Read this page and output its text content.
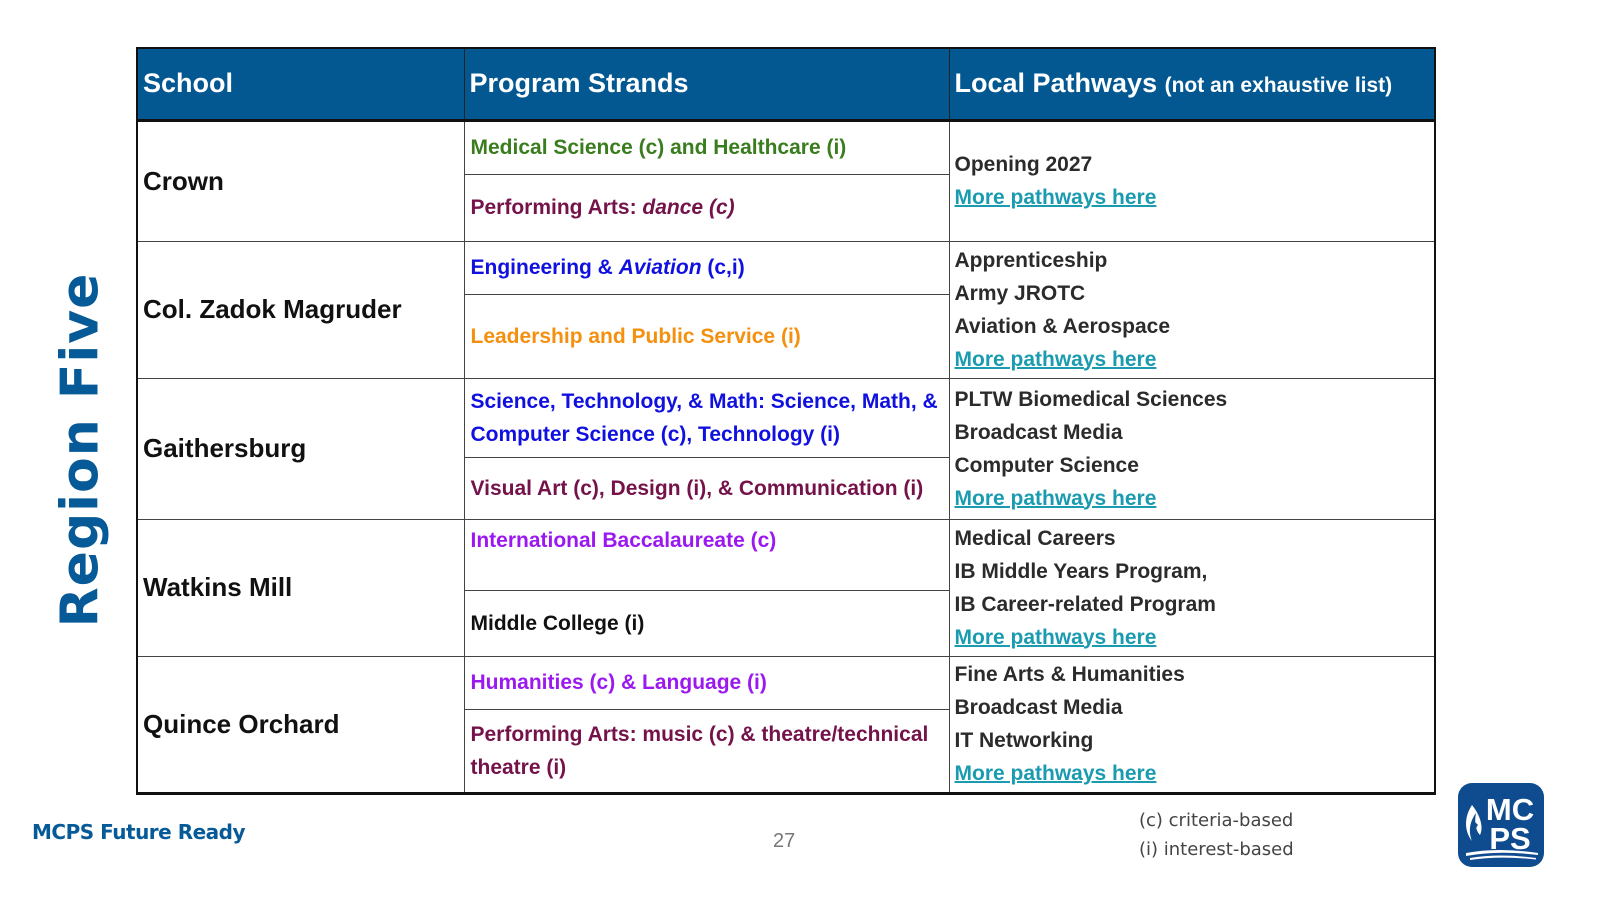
Region Five
School	Program Strands	Local Pathways (not an exhaustive list)
Crown	Medical Science (c) and Healthcare (i)	Opening 2027
More pathways here

	Performing Arts: dance (c)	
Col. Zadok Magruder	Engineering & Aviation (c,i)	Apprenticeship
Army JROTC
Aviation & Aerospace
More pathways here

	Leadership and Public Service (i)	
Gaithersburg	Science, Technology, & Math: Science, Math, & Computer Science (c), Technology (i)	PLTW Biomedical Sciences
Broadcast Media
Computer Science
More pathways here

	Visual Art (c), Design (i), & Communication (i)	
Watkins Mill	International Baccalaureate (c)	Medical Careers
IB Middle Years Program,
IB Career-related Program
More pathways here

	Middle College (i)	
Quince Orchard	Humanities (c) & Language (i)	Fine Arts & Humanities
Broadcast Media
IT Networking
More pathways here

	Performing Arts: music (c) & theatre/technical theatre (i)	
MCPS Future Ready	27
(c) criteria-based
(i) interest-based
MC
PS
